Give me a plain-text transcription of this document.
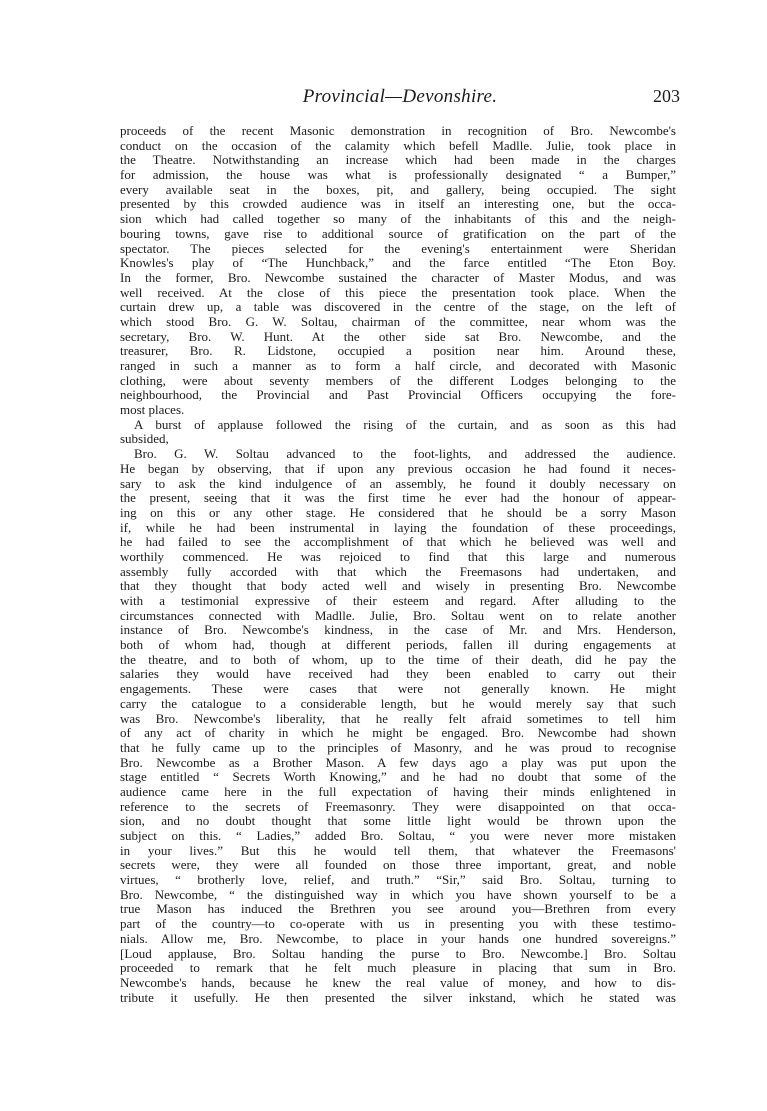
Provincial—Devonshire.	203
proceeds of the recent Masonic demonstration in recognition of Bro. Newcombe's
conduct on the occasion of the calamity which befell Madlle. Julie, took place in
the Theatre. Notwithstanding an increase which had been made in the charges
for admission, the house was what is professionally designated “ a Bumper,”
every available seat in the boxes, pit, and gallery, being occupied. The sight
presented by this crowded audience was in itself an interesting one, but the occa-
sion which had called together so many of the inhabitants of this and the neigh-
bouring towns, gave rise to additional source of gratification on the part of the
spectator. The pieces selected for the evening's entertainment were Sheridan
Knowles's play of “The Hunchback,” and the farce entitled “The Eton Boy.
In the former, Bro. Newcombe sustained the character of Master Modus, and was
well received. At the close of this piece the presentation took place. When the
curtain drew up, a table was discovered in the centre of the stage, on the left of
which stood Bro. G. W. Soltau, chairman of the committee, near whom was the
secretary, Bro. W. Hunt. At the other side sat Bro. Newcombe, and the
treasurer, Bro. R. Lidstone, occupied a position near him. Around these,
ranged in such a manner as to form a half circle, and decorated with Masonic
clothing, were about seventy members of the different Lodges belonging to the
neighbourhood, the Provincial and Past Provincial Officers occupying the fore-
most places.
A burst of applause followed the rising of the curtain, and as soon as this had
subsided,
Bro. G. W. Soltau advanced to the foot-lights, and addressed the audience.
He began by observing, that if upon any previous occasion he had found it neces-
sary to ask the kind indulgence of an assembly, he found it doubly necessary on
the present, seeing that it was the first time he ever had the honour of appear-
ing on this or any other stage. He considered that he should be a sorry Mason
if, while he had been instrumental in laying the foundation of these proceedings,
he had failed to see the accomplishment of that which he believed was well and
worthily commenced. He was rejoiced to find that this large and numerous
assembly fully accorded with that which the Freemasons had undertaken, and
that they thought that body acted well and wisely in presenting Bro. Newcombe
with a testimonial expressive of their esteem and regard. After alluding to the
circumstances connected with Madlle. Julie, Bro. Soltau went on to relate another
instance of Bro. Newcombe's kindness, in the case of Mr. and Mrs. Henderson,
both of whom had, though at different periods, fallen ill during engagements at
the theatre, and to both of whom, up to the time of their death, did he pay the
salaries they would have received had they been enabled to carry out their
engagements. These were cases that were not generally known. He might
carry the catalogue to a considerable length, but he would merely say that such
was Bro. Newcombe's liberality, that he really felt afraid sometimes to tell him
of any act of charity in which he might be engaged. Bro. Newcombe had shown
that he fully came up to the principles of Masonry, and he was proud to recognise
Bro. Newcombe as a Brother Mason. A few days ago a play was put upon the
stage entitled “ Secrets Worth Knowing,” and he had no doubt that some of the
audience came here in the full expectation of having their minds enlightened in
reference to the secrets of Freemasonry. They were disappointed on that occa-
sion, and no doubt thought that some little light would be thrown upon the
subject on this. “ Ladies,” added Bro. Soltau, “ you were never more mistaken
in your lives.” But this he would tell them, that whatever the Freemasons'
secrets were, they were all founded on those three important, great, and noble
virtues, “ brotherly love, relief, and truth.” “Sir,” said Bro. Soltau, turning to
Bro. Newcombe, “ the distinguished way in which you have shown yourself to be a
true Mason has induced the Brethren you see around you—Brethren from every
part of the country—to co-operate with us in presenting you with these testimo-
nials. Allow me, Bro. Newcombe, to place in your hands one hundred sovereigns.”
[Loud applause, Bro. Soltau handing the purse to Bro. Newcombe.] Bro. Soltau
proceeded to remark that he felt much pleasure in placing that sum in Bro.
Newcombe's hands, because he knew the real value of money, and how to dis-
tribute it usefully. He then presented the silver inkstand, which he stated was
